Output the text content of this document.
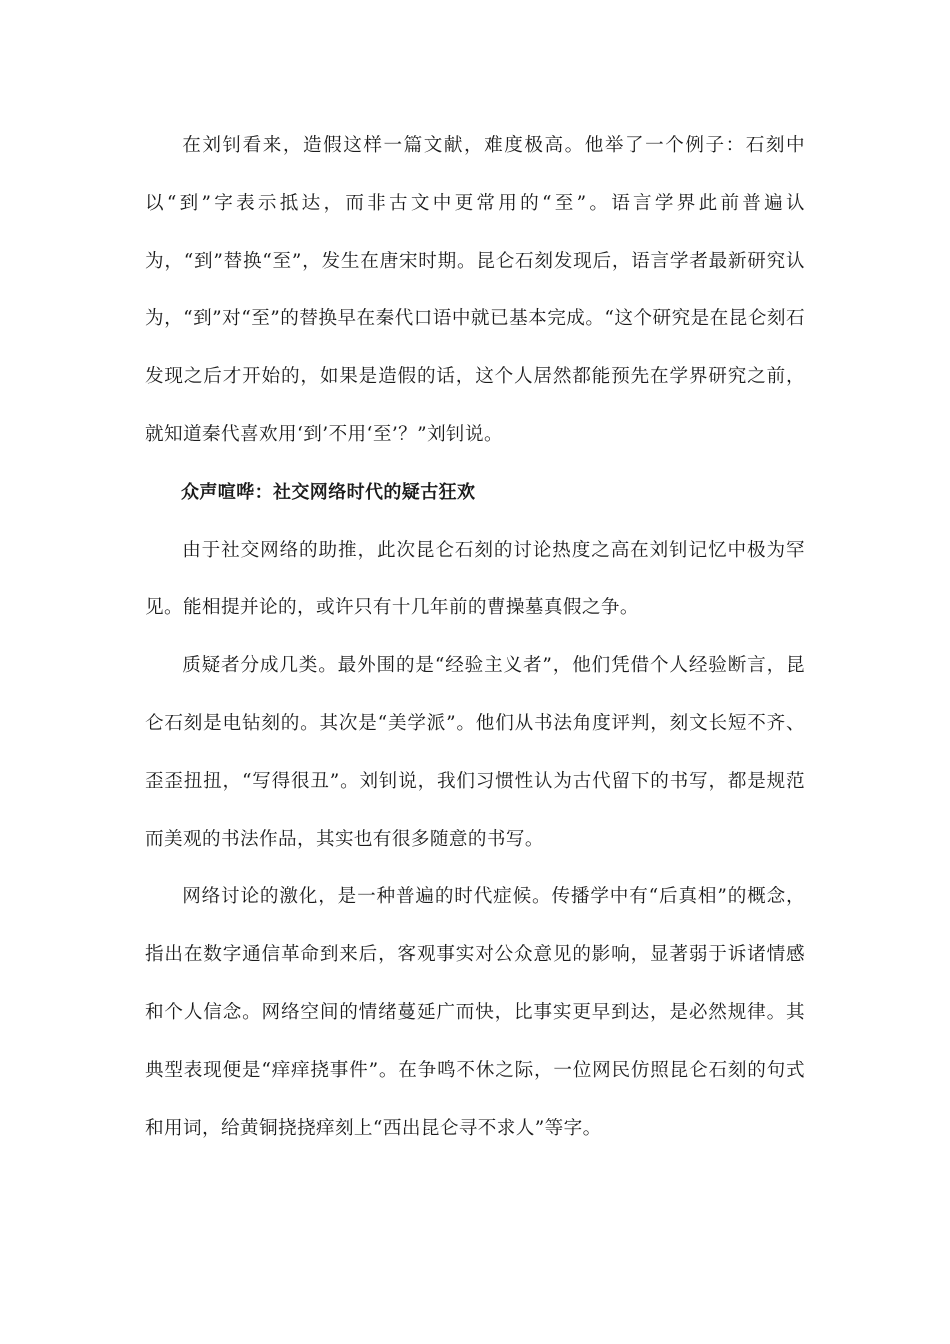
在刘钊看来，造假这样一篇文献，难度极高。他举了一个例子：石刻中以“到”字表示抵达，而非古文中更常用的“至”。语言学界此前普遍认为，“到”替换“至”，发生在唐宋时期。昆仑石刻发现后，语言学者最新研究认为，“到”对“至”的替换早在秦代口语中就已基本完成。“这个研究是在昆仑刻石发现之后才开始的，如果是造假的话，这个人居然都能预先在学界研究之前，就知道秦代喜欢用‘到’不用‘至’？”刘钊说。

众声喧哗：社交网络时代的疑古狂欢

由于社交网络的助推，此次昆仑石刻的讨论热度之高在刘钊记忆中极为罕见。能相提并论的，或许只有十几年前的曹操墓真假之争。

质疑者分成几类。最外围的是“经验主义者”，他们凭借个人经验断言，昆仑石刻是电钻刻的。其次是“美学派”。他们从书法角度评判，刻文长短不齐、歪歪扭扭，“写得很丑”。刘钊说，我们习惯性认为古代留下的书写，都是规范而美观的书法作品，其实也有很多随意的书写。

网络讨论的激化，是一种普遍的时代症候。传播学中有“后真相”的概念，指出在数字通信革命到来后，客观事实对公众意见的影响，显著弱于诉诸情感和个人信念。网络空间的情绪蔓延广而快，比事实更早到达，是必然规律。其典型表现便是“痒痒挠事件”。在争鸣不休之际，一位网民仿照昆仑石刻的句式和用词，给黄铜挠挠痒刻上“西出昆仑寻不求人”等字。
